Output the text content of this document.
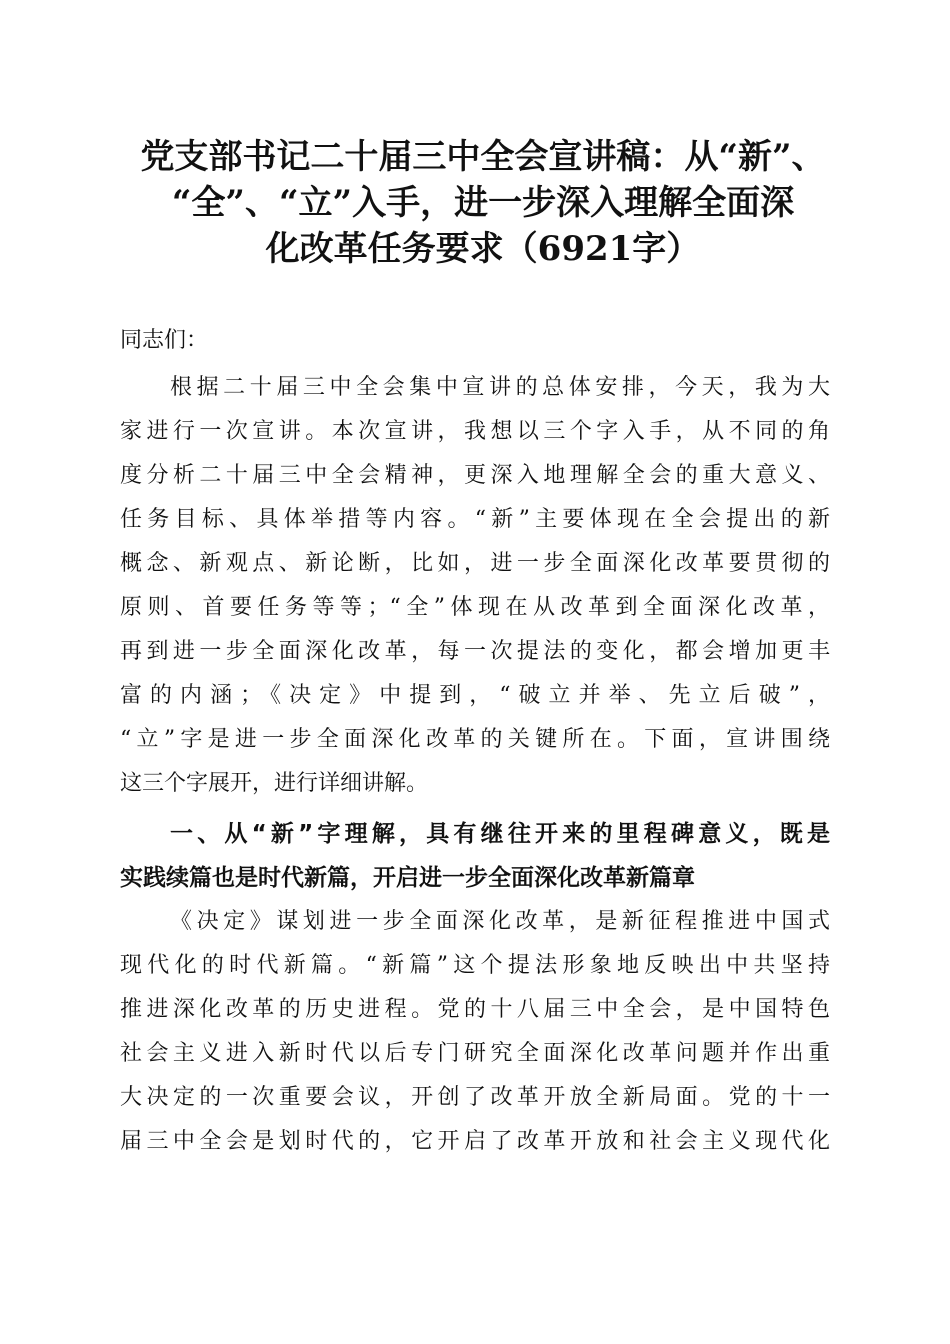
党支部书记二十届三中全会宣讲稿：从“新”、
“全”、“立”入手，进一步深入理解全面深
化改革任务要求（6921字）
同志们：
根据二十届三中全会集中宣讲的总体安排，今天，我为大
家进行一次宣讲。本次宣讲，我想以三个字入手，从不同的角
度分析二十届三中全会精神，更深入地理解全会的重大意义、
任务目标、具体举措等内容。“新”主要体现在全会提出的新
概念、新观点、新论断，比如，进一步全面深化改革要贯彻的
原则、首要任务等等；“全”体现在从改革到全面深化改革，
再到进一步全面深化改革，每一次提法的变化，都会增加更丰
富的内涵；《决定》中提到，“破立并举、先立后破”，
“立”字是进一步全面深化改革的关键所在。下面，宣讲围绕
这三个字展开，进行详细讲解。
一、从“新”字理解，具有继往开来的里程碑意义，既是
实践续篇也是时代新篇，开启进一步全面深化改革新篇章
《决定》谋划进一步全面深化改革，是新征程推进中国式
现代化的时代新篇。“新篇”这个提法形象地反映出中共坚持
推进深化改革的历史进程。党的十八届三中全会，是中国特色
社会主义进入新时代以后专门研究全面深化改革问题并作出重
大决定的一次重要会议，开创了改革开放全新局面。党的十一
届三中全会是划时代的，它开启了改革开放和社会主义现代化
